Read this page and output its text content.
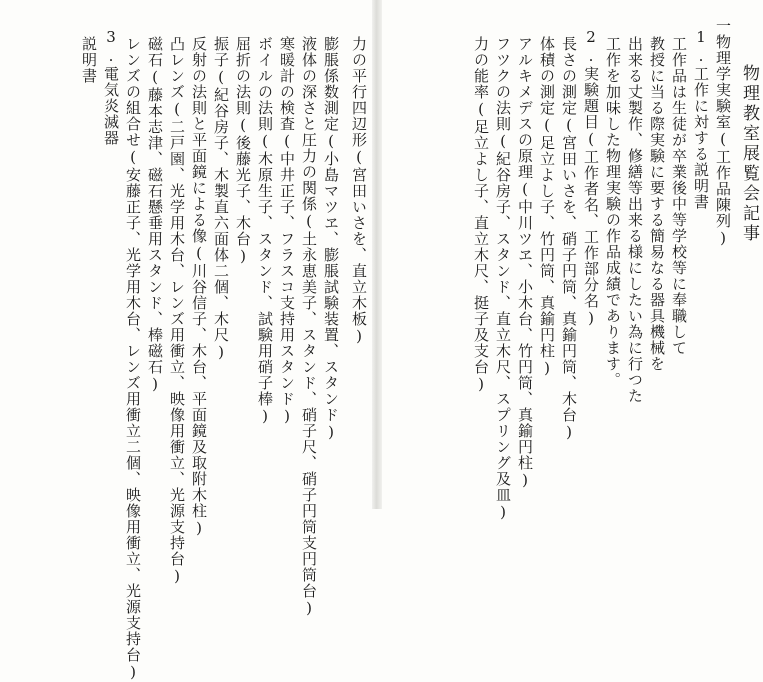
物理教室展覧会記事
一物理学実験室(工作品陳列)
1.工作に対する説明書
工作品は生徒が卒業後中等学校等に奉職して
教授に当る際実験に要する簡易なる器具機械を
出来る丈製作、修繕等出来る様にしたい為に行つた
工作を加味した物理実験の作品成績であります。
2.実験題目(工作者名、工作部分名)
長さの測定(宮田いさを、硝子円筒、真鍮円筒、木台)
体積の測定(足立よし子、竹円筒、真鍮円柱)
アルキメデスの原理(中川ツヱ、小木台、竹円筒、真鍮円柱)
フツクの法則(紀谷房子、スタンド、直立木尺、スプリング及皿)
力の能率(足立よし子、直立木尺、挺子及支台)
力の平行四辺形(宮田いさを、直立木板)
膨脹係数測定(小島マツヱ、膨脹試験装置、スタンド)
液体の深さと圧力の関係(土永恵美子、スタンド、硝子尺、硝子円筒支円筒台)
寒暖計の検査(中井正子、フラスコ支持用スタンド)
ボイルの法則(木原生子、スタンド、試験用硝子棒)
屈折の法則(後藤光子、木台)
振子(紀谷房子、木製直六面体二個、木尺)
反射の法則と平面鏡による像(川谷信子、木台、平面鏡及取附木柱)
凸レンズ(二戸園、光学用木台、レンズ用衝立、映像用衝立、光源支持台)
磁石(藤本志津、磁石懸垂用スタンド、棒磁石)
レンズの組合せ(安藤正子、光学用木台、レンズ用衝立二個、映像用衝立、光源支持台)
3.電気炎滅器
説明書
